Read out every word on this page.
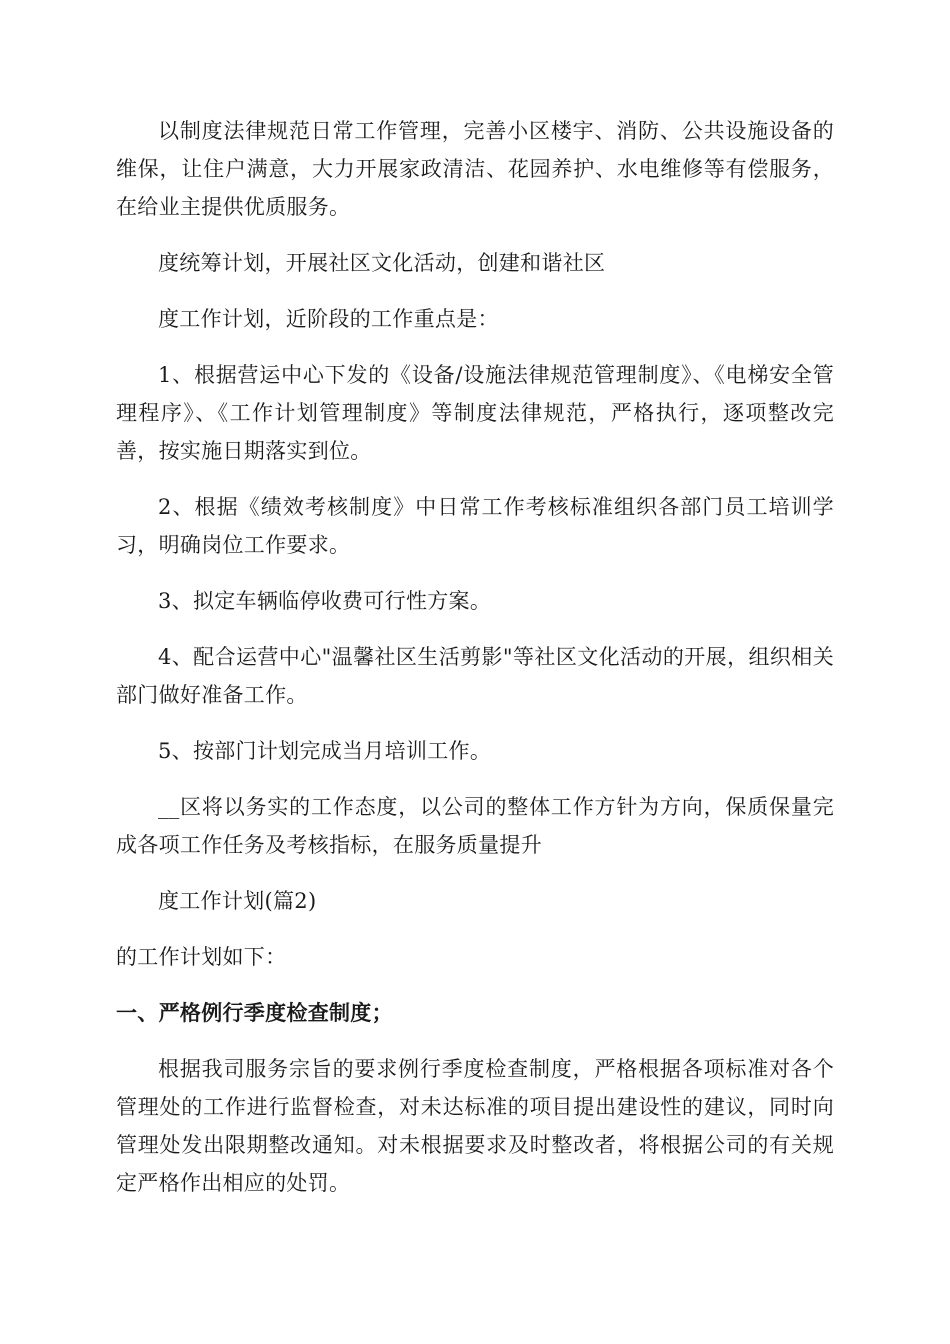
以制度法律规范日常工作管理，完善小区楼宇、消防、公共设施设备的维保，让住户满意，大力开展家政清洁、花园养护、水电维修等有偿服务，在给业主提供优质服务。

度统筹计划，开展社区文化活动，创建和谐社区

度工作计划，近阶段的工作重点是：

1、根据营运中心下发的《设备/设施法律规范管理制度》、《电梯安全管理程序》、《工作计划管理制度》等制度法律规范，严格执行，逐项整改完善，按实施日期落实到位。

2、根据《绩效考核制度》中日常工作考核标准组织各部门员工培训学习，明确岗位工作要求。

3、拟定车辆临停收费可行性方案。

4、配合运营中心"温馨社区生活剪影"等社区文化活动的开展，组织相关部门做好准备工作。

5、按部门计划完成当月培训工作。

__区将以务实的工作态度，以公司的整体工作方针为方向，保质保量完成各项工作任务及考核指标，在服务质量提升

度工作计划(篇2)

的工作计划如下：

一、严格例行季度检查制度；

根据我司服务宗旨的要求例行季度检查制度，严格根据各项标准对各个管理处的工作进行监督检查，对未达标准的项目提出建设性的建议，同时向管理处发出限期整改通知。对未根据要求及时整改者，将根据公司的有关规定严格作出相应的处罚。
